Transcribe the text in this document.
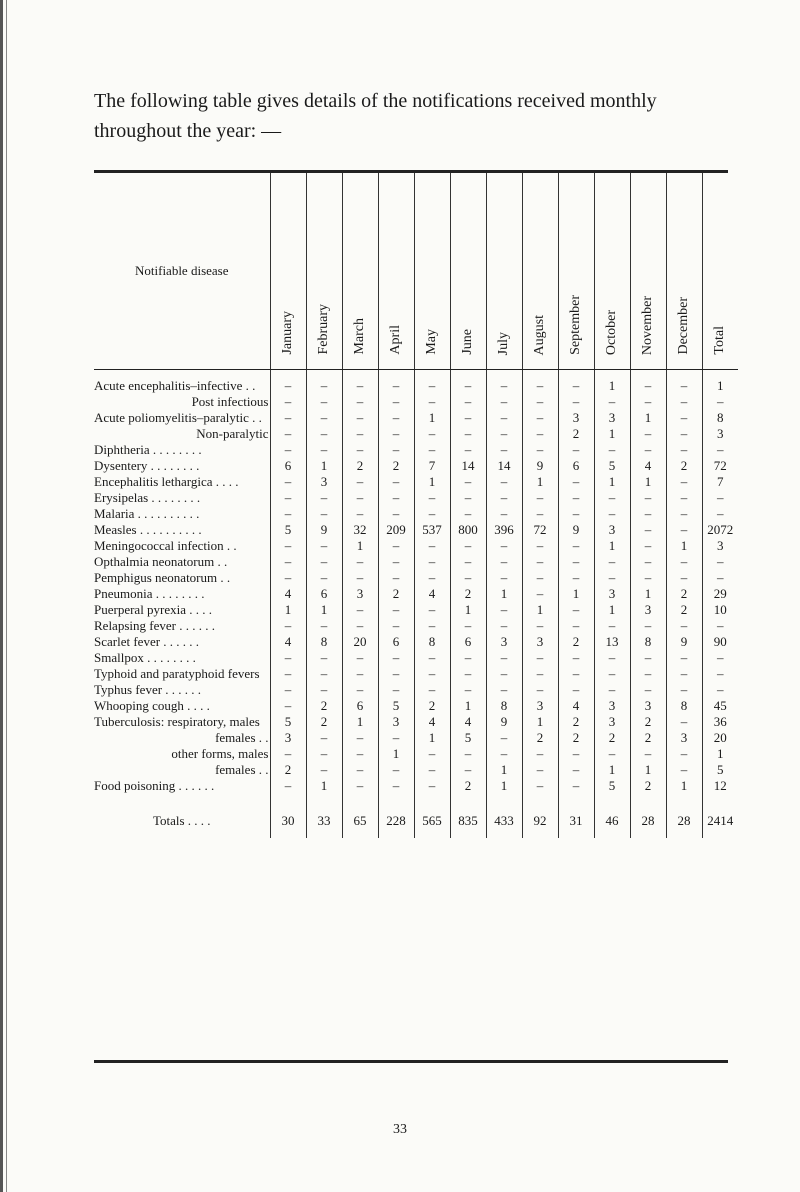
The following table gives details of the notifications received monthly throughout the year: —

Notifiable disease	January	February	March	April	May	June	July	August	September	October	November	December	Total

Acute encephalitis–infective . .	–	–	–	–	–	–	–	–	–	1	–	–	1
Post infectious	–	–	–	–	–	–	–	–	–	–	–	–	–
Acute poliomyelitis–paralytic . .	–	–	–	–	1	–	–	–	3	3	1	–	8
Non-paralytic	–	–	–	–	–	–	–	–	2	1	–	–	3
Diphtheria . . . . . . . .	–	–	–	–	–	–	–	–	–	–	–	–	–
Dysentery . . . . . . . .	6	1	2	2	7	14	14	9	6	5	4	2	72
Encephalitis lethargica . . . .	–	3	–	–	1	–	–	1	–	1	1	–	7
Erysipelas . . . . . . . .	–	–	–	–	–	–	–	–	–	–	–	–	–
Malaria . . . . . . . . . .	–	–	–	–	–	–	–	–	–	–	–	–	–
Measles . . . . . . . . . .	5	9	32	209	537	800	396	72	9	3	–	–	2072
Meningococcal infection . .	–	–	1	–	–	–	–	–	–	1	–	1	3
Opthalmia neonatorum . .	–	–	–	–	–	–	–	–	–	–	–	–	–
Pemphigus neonatorum . .	–	–	–	–	–	–	–	–	–	–	–	–	–
Pneumonia . . . . . . . .	4	6	3	2	4	2	1	–	1	3	1	2	29
Puerperal pyrexia . . . .	1	1	–	–	–	1	–	1	–	1	3	2	10
Relapsing fever . . . . . .	–	–	–	–	–	–	–	–	–	–	–	–	–
Scarlet fever . . . . . .	4	8	20	6	8	6	3	3	2	13	8	9	90
Smallpox . . . . . . . .	–	–	–	–	–	–	–	–	–	–	–	–	–
Typhoid and paratyphoid fevers	–	–	–	–	–	–	–	–	–	–	–	–	–
Typhus fever . . . . . .	–	–	–	–	–	–	–	–	–	–	–	–	–
Whooping cough . . . .	–	2	6	5	2	1	8	3	4	3	3	8	45
Tuberculosis: respiratory, males	5	2	1	3	4	4	9	1	2	3	2	–	36
females . .	3	–	–	–	1	5	–	2	2	2	2	3	20
other forms, males	–	–	–	1	–	–	–	–	–	–	–	–	1
females . .	2	–	–	–	–	–	1	–	–	1	1	–	5
Food poisoning . . . . . .	–	1	–	–	–	2	1	–	–	5	2	1	12

Totals . . . .	30	33	65	228	565	835	433	92	31	46	28	28	2414
33
